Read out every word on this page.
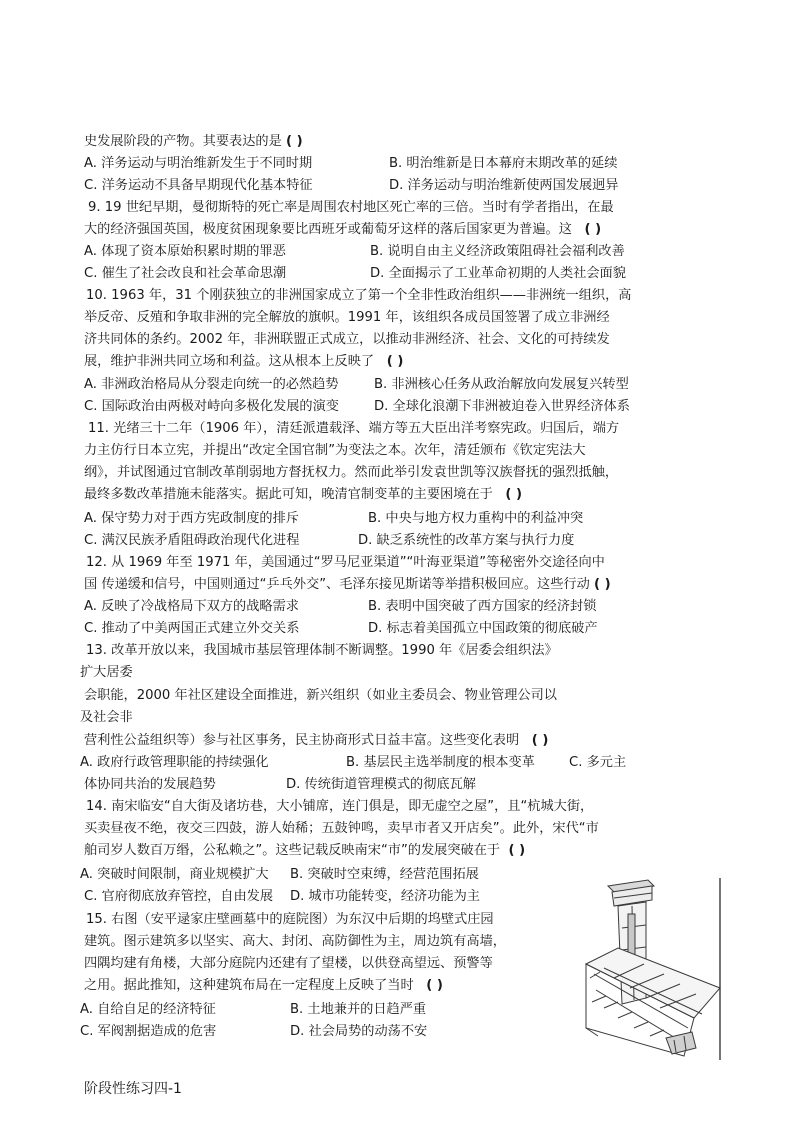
史发展阶段的产物。其要表达的是 ( )
A. 洋务运动与明治维新发生于不同时期	B. 明治维新是日本幕府末期改革的延续
C. 洋务运动不具备早期现代化基本特征	D. 洋务运动与明治维新使两国发展迥异
9. 19 世纪早期，曼彻斯特的死亡率是周围农村地区死亡率的三倍。当时有学者指出，在最
大的经济强国英国，极度贫困现象要比西班牙或葡萄牙这样的落后国家更为普遍。这 ( )
A. 体现了资本原始积累时期的罪恶	B. 说明自由主义经济政策阻碍社会福利改善
C. 催生了社会改良和社会革命思潮	D. 全面揭示了工业革命初期的人类社会面貌
10. 1963 年，31 个刚获独立的非洲国家成立了第一个全非性政治组织——非洲统一组织，高
举反帝、反殖和争取非洲的完全解放的旗帜。1991 年，该组织各成员国签署了成立非洲经
济共同体的条约。2002 年，非洲联盟正式成立，以推动非洲经济、社会、文化的可持续发
展，维护非洲共同立场和利益。这从根本上反映了 ( )
A. 非洲政治格局从分裂走向统一的必然趋势	B. 非洲核心任务从政治解放向发展复兴转型
C. 国际政治由两极对峙向多极化发展的演变	D. 全球化浪潮下非洲被迫卷入世界经济体系
11. 光绪三十二年（1906 年），清廷派遣载泽、端方等五大臣出洋考察宪政。归国后，端方
力主仿行日本立宪，并提出“改定全国官制”为变法之本。次年，清廷颁布《钦定宪法大
纲》，并试图通过官制改革削弱地方督抚权力。然而此举引发袁世凯等汉族督抚的强烈抵触，
最终多数改革措施未能落实。据此可知，晚清官制变革的主要困境在于 ( )
A. 保守势力对于西方宪政制度的排斥	B. 中央与地方权力重构中的利益冲突
C. 满汉民族矛盾阻碍政治现代化进程	D. 缺乏系统性的改革方案与执行力度
12. 从 1969 年至 1971 年，美国通过“罗马尼亚渠道”“叶海亚渠道”等秘密外交途径向中
国 传递缓和信号，中国则通过“乒乓外交”、毛泽东接见斯诺等举措积极回应。这些行动 ( )
A. 反映了冷战格局下双方的战略需求	B. 表明中国突破了西方国家的经济封锁
C. 推动了中美两国正式建立外交关系	D. 标志着美国孤立中国政策的彻底破产
13. 改革开放以来，我国城市基层管理体制不断调整。1990 年《居委会组织法》
扩大居委
会职能，2000 年社区建设全面推进，新兴组织（如业主委员会、物业管理公司以
及社会非
营利性公益组织等）参与社区事务，民主协商形式日益丰富。这些变化表明 ( )
A. 政府行政管理职能的持续强化	B. 基层民主选举制度的根本变革	C. 多元主
体协同共治的发展趋势	D. 传统街道管理模式的彻底瓦解
14. 南宋临安“自大街及诸坊巷，大小铺席，连门俱是，即无虚空之屋”，且“杭城大街，
买卖昼夜不绝，夜交三四鼓，游人始稀；五鼓钟鸣，卖早市者又开店矣”。此外，宋代“市
舶司岁人数百万缗，公私赖之”。这些记载反映南宋“市”的发展突破在于 ( )
A. 突破时间限制，商业规模扩大 B. 突破时空束缚，经营范围拓展
C. 官府彻底放弃管控，自由发展 D. 城市功能转变，经济功能为主
15. 右图（安平逯家庄壁画墓中的庭院图）为东汉中后期的坞壁式庄园
建筑。图示建筑多以坚实、高大、封闭、高防御性为主，周边筑有高墙，
四隅均建有角楼，大部分庭院内还建有了望楼，以供登高望远、预警等
之用。据此推知，这种建筑布局在一定程度上反映了当时 ( )
A. 自给自足的经济特征	B. 土地兼并的日趋严重
C. 军阀割据造成的危害	D. 社会局势的动荡不安
阶段性练习四-1
